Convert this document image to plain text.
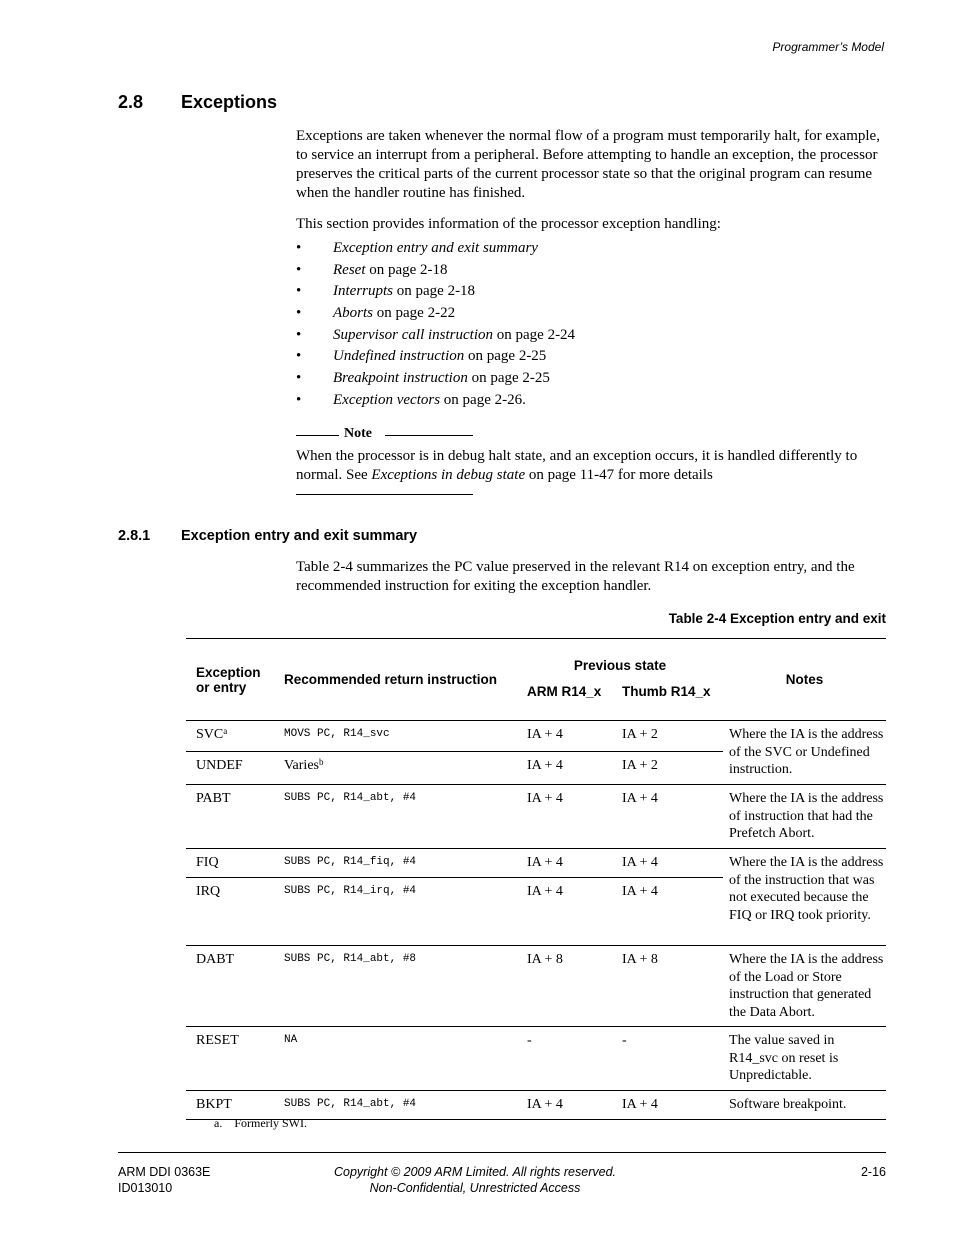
Programmer’s Model
2.8 Exceptions
Exceptions are taken whenever the normal flow of a program must temporarily halt, for example, to service an interrupt from a peripheral. Before attempting to handle an exception, the processor preserves the critical parts of the current processor state so that the original program can resume when the handler routine has finished.
This section provides information of the processor exception handling:
• Exception entry and exit summary
• Reset on page 2-18
• Interrupts on page 2-18
• Aborts on page 2-22
• Supervisor call instruction on page 2-24
• Undefined instruction on page 2-25
• Breakpoint instruction on page 2-25
• Exception vectors on page 2-26.
Note
When the processor is in debug halt state, and an exception occurs, it is handled differently to normal. See Exceptions in debug state on page 11-47 for more details
2.8.1 Exception entry and exit summary
Table 2-4 summarizes the PC value preserved in the relevant R14 on exception entry, and the recommended instruction for exiting the exception handler.
Table 2-4 Exception entry and exit
Exception or entry	Recommended return instruction	Previous state		Notes
		ARM R14_x	Thumb R14_x	
SVC$^a$	MOVS PC, R14_svc	IA + 4	IA + 2	Where the IA is the address of the SVC or Undefined instruction.
UNDEF	Varies$^b$	IA + 4	IA + 2	
PABT	SUBS PC, R14_abt, #4	IA + 4	IA + 4	Where the IA is the address of instruction that had the Prefetch Abort.
FIQ	SUBS PC, R14_fiq, #4	IA + 4	IA + 4	Where the IA is the address of the instruction that was not executed because the FIQ or IRQ took priority.
IRQ	SUBS PC, R14_irq, #4	IA + 4	IA + 4	
DABT	SUBS PC, R14_abt, #8	IA + 8	IA + 8	Where the IA is the address of the Load or Store instruction that generated the Data Abort.
RESET	NA	-	-	The value saved in R14_svc on reset is Unpredictable.
BKPT	SUBS PC, R14_abt, #4	IA + 4	IA + 4	Software breakpoint.
a. Formerly SWI.
ARM DDI 0363E
ID013010
Copyright © 2009 ARM Limited. All rights reserved.
Non-Confidential, Unrestricted Access
2-16
